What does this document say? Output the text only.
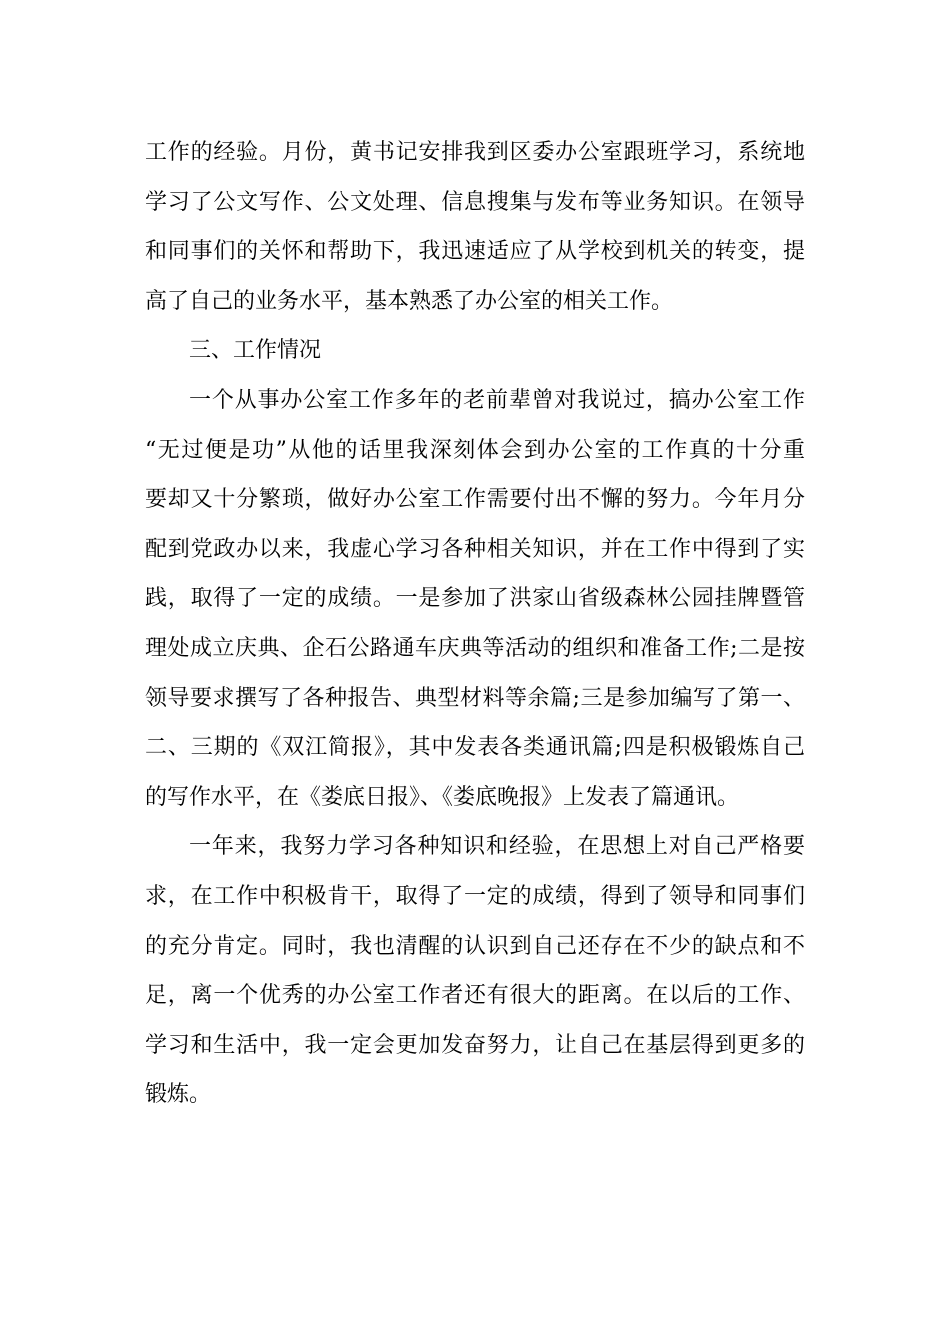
工作的经验。月份，黄书记安排我到区委办公室跟班学习，系统地
学习了公文写作、公文处理、信息搜集与发布等业务知识。在领导
和同事们的关怀和帮助下，我迅速适应了从学校到机关的转变，提
高了自己的业务水平，基本熟悉了办公室的相关工作。
三、工作情况
一个从事办公室工作多年的老前辈曾对我说过，搞办公室工作
“无过便是功”从他的话里我深刻体会到办公室的工作真的十分重
要却又十分繁琐，做好办公室工作需要付出不懈的努力。今年月分
配到党政办以来，我虚心学习各种相关知识，并在工作中得到了实
践，取得了一定的成绩。一是参加了洪家山省级森林公园挂牌暨管
理处成立庆典、企石公路通车庆典等活动的组织和准备工作;二是按
领导要求撰写了各种报告、典型材料等余篇;三是参加编写了第一、
二、三期的《双江简报》，其中发表各类通讯篇;四是积极锻炼自己
的写作水平，在《娄底日报》、《娄底晚报》上发表了篇通讯。
一年来，我努力学习各种知识和经验，在思想上对自己严格要
求，在工作中积极肯干，取得了一定的成绩，得到了领导和同事们
的充分肯定。同时，我也清醒的认识到自己还存在不少的缺点和不
足，离一个优秀的办公室工作者还有很大的距离。在以后的工作、
学习和生活中，我一定会更加发奋努力，让自己在基层得到更多的
锻炼。
